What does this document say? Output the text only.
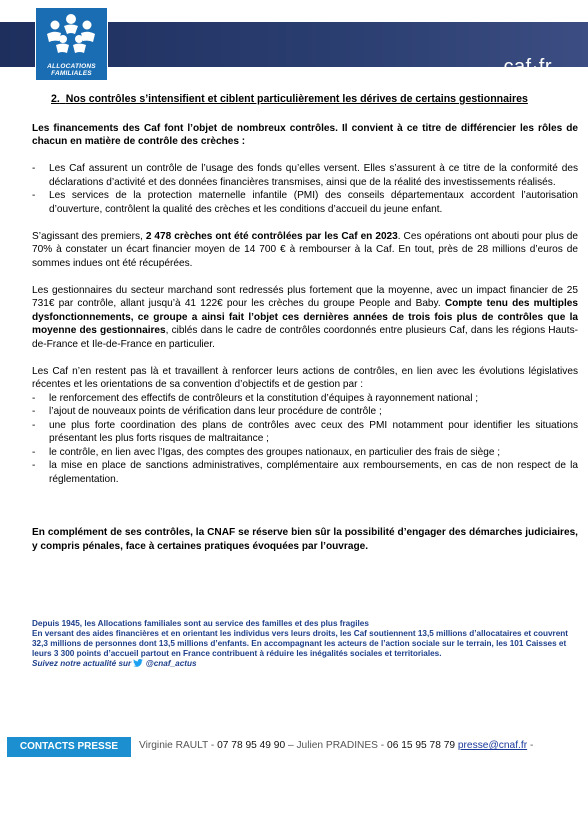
caf·fr
ALLOCATIONS
FAMILIALES
2. Nos contrôles s’intensifient et ciblent particulièrement les dérives de certains gestionnaires

Les financements des Caf font l’objet de nombreux contrôles. Il convient à ce titre de différencier les rôles de chacun en matière de contrôle des crèches :

- Les Caf assurent un contrôle de l’usage des fonds qu’elles versent. Elles s’assurent à ce titre de la conformité des déclarations d’activité et des données financières transmises, ainsi que de la réalité des investissements réalisés.
- Les services de la protection maternelle infantile (PMI) des conseils départementaux accordent l’autorisation d’ouverture, contrôlent la qualité des crèches et les conditions d’accueil du jeune enfant.

S’agissant des premiers, 2 478 crèches ont été contrôlées par les Caf en 2023. Ces opérations ont abouti pour plus de 70% à constater un écart financier moyen de 14 700 € à rembourser à la Caf. En tout, près de 28 millions d’euros de sommes indues ont été récupérées.

Les gestionnaires du secteur marchand sont redressés plus fortement que la moyenne, avec un impact financier de 25 731€ par contrôle, allant jusqu’à 41 122€ pour les crèches du groupe People and Baby. Compte tenu des multiples dysfonctionnements, ce groupe a ainsi fait l’objet ces dernières années de trois fois plus de contrôles que la moyenne des gestionnaires, ciblés dans le cadre de contrôles coordonnés entre plusieurs Caf, dans les régions Hauts-de-France et Ile-de-France en particulier.

Les Caf n’en restent pas là et travaillent à renforcer leurs actions de contrôles, en lien avec les évolutions législatives récentes et les orientations de sa convention d’objectifs et de gestion par :

- le renforcement des effectifs de contrôleurs et la constitution d’équipes à rayonnement national ;
- l’ajout de nouveaux points de vérification dans leur procédure de contrôle ;
- une plus forte coordination des plans de contrôles avec ceux des PMI notamment pour identifier les situations présentant les plus forts risques de maltraitance ;
- le contrôle, en lien avec l’Igas, des comptes des groupes nationaux, en particulier des frais de siège ;
- la mise en place de sanctions administratives, complémentaire aux remboursements, en cas de non respect de la réglementation.

En complément de ses contrôles, la CNAF se réserve bien sûr la possibilité d’engager des démarches judiciaires, y compris pénales, face à certaines pratiques évoquées par l’ouvrage.

Depuis 1945, les Allocations familiales sont au service des familles et des plus fragiles
En versant des aides financières et en orientant les individus vers leurs droits, les Caf soutiennent 13,5 millions d’allocataires et couvrent 32,3 millions de personnes dont 13,5 millions d’enfants. En accompagnant les acteurs de l’action sociale sur le terrain, les 101 Caisses et leurs 3 300 points d’accueil partout en France contribuent à réduire les inégalités sociales et territoriales.
Suivez notre actualité sur @cnaf_actus
CONTACTS PRESSE	Virginie RAULT - 07 78 95 49 90 – Julien PRADINES - 06 15 95 78 79 presse@cnaf.fr -
